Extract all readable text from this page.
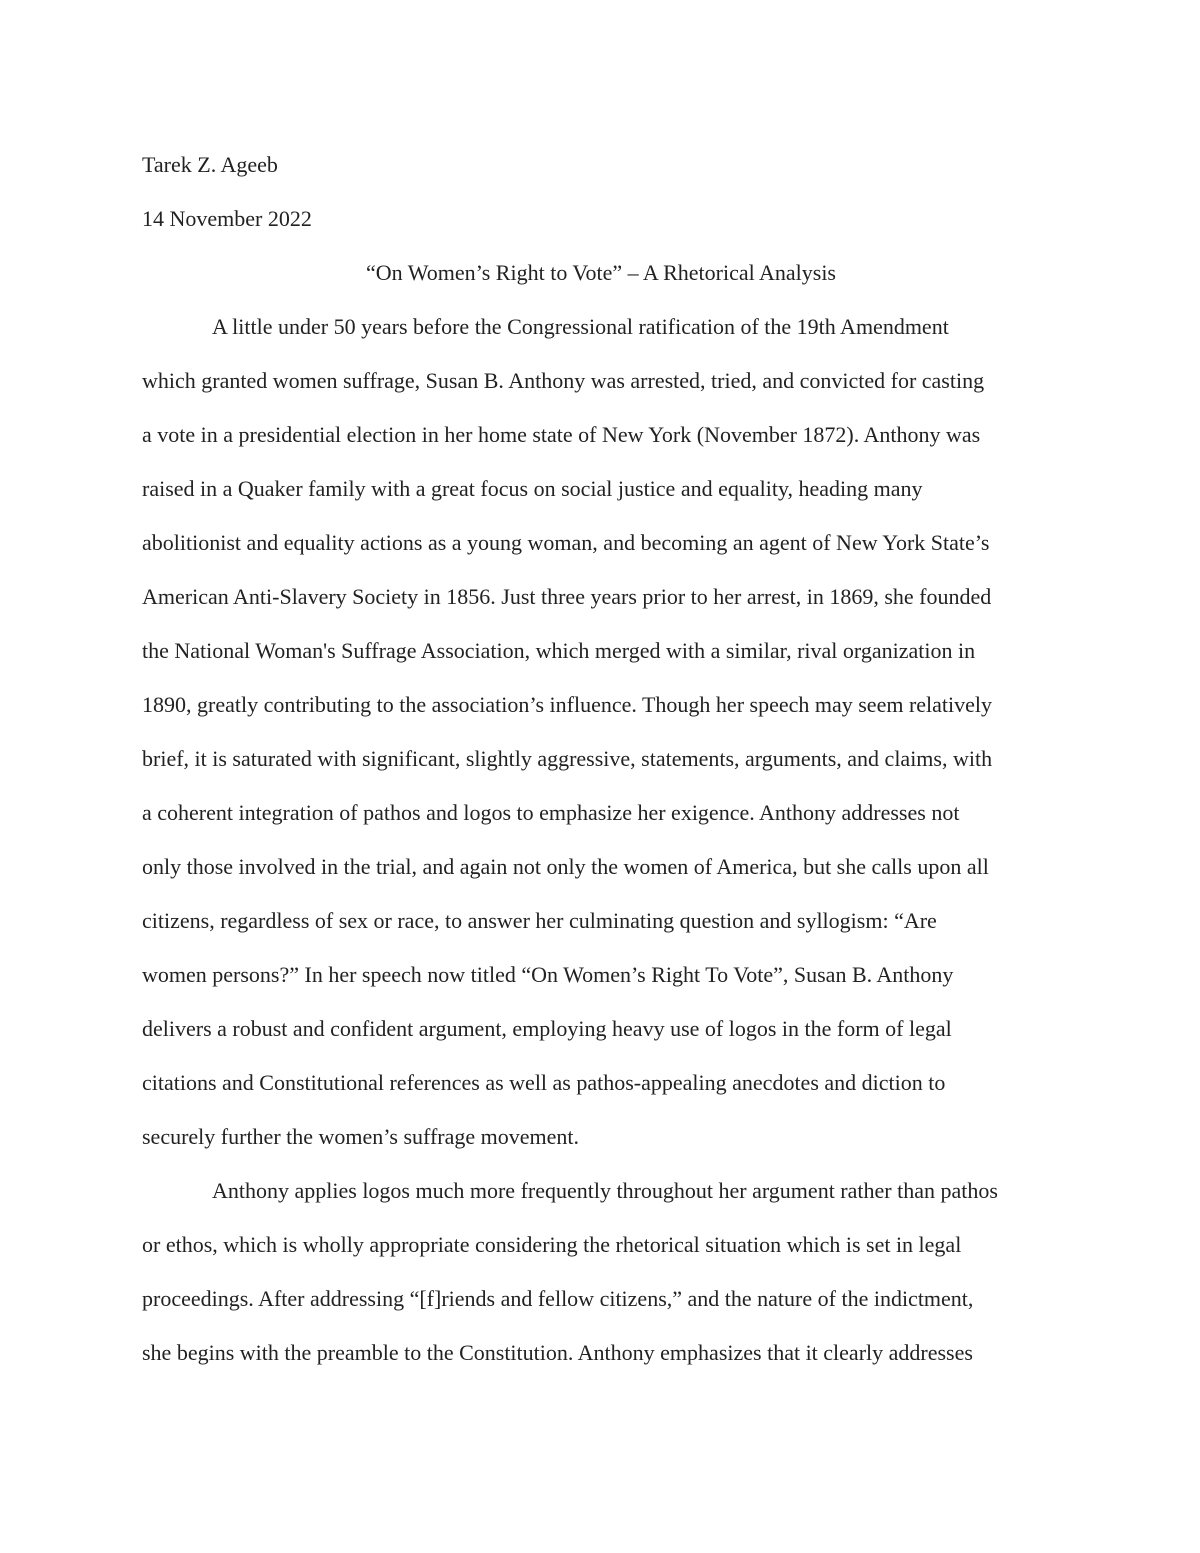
Tarek Z. Ageeb

14 November 2022

“On Women’s Right to Vote” – A Rhetorical Analysis

A little under 50 years before the Congressional ratification of the 19th Amendment
which granted women suffrage, Susan B. Anthony was arrested, tried, and convicted for casting
a vote in a presidential election in her home state of New York (November 1872). Anthony was
raised in a Quaker family with a great focus on social justice and equality, heading many
abolitionist and equality actions as a young woman, and becoming an agent of New York State’s
American Anti-Slavery Society in 1856. Just three years prior to her arrest, in 1869, she founded
the National Woman's Suffrage Association, which merged with a similar, rival organization in
1890, greatly contributing to the association’s influence. Though her speech may seem relatively
brief, it is saturated with significant, slightly aggressive, statements, arguments, and claims, with
a coherent integration of pathos and logos to emphasize her exigence. Anthony addresses not
only those involved in the trial, and again not only the women of America, but she calls upon all
citizens, regardless of sex or race, to answer her culminating question and syllogism: “Are
women persons?” In her speech now titled “On Women’s Right To Vote”, Susan B. Anthony
delivers a robust and confident argument, employing heavy use of logos in the form of legal
citations and Constitutional references as well as pathos-appealing anecdotes and diction to
securely further the women’s suffrage movement.

Anthony applies logos much more frequently throughout her argument rather than pathos
or ethos, which is wholly appropriate considering the rhetorical situation which is set in legal
proceedings. After addressing “[f]riends and fellow citizens,” and the nature of the indictment,
she begins with the preamble to the Constitution. Anthony emphasizes that it clearly addresses
